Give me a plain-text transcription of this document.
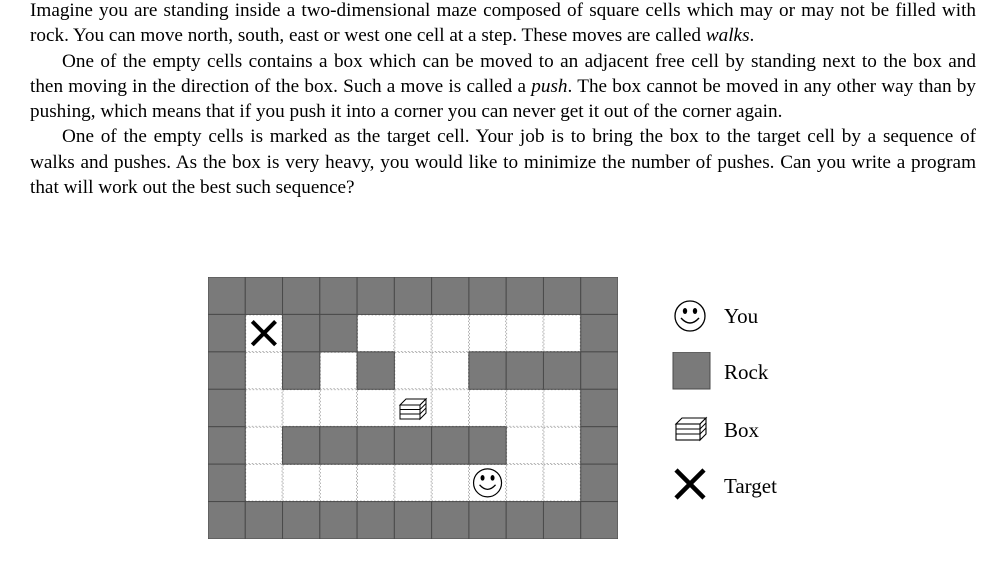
Imagine you are standing inside a two-dimensional maze composed of square cells which may or may not be filled with rock. You can move north, south, east or west one cell at a step. These moves are called walks.

One of the empty cells contains a box which can be moved to an adjacent free cell by standing next to the box and then moving in the direction of the box. Such a move is called a push. The box cannot be moved in any other way than by pushing, which means that if you push it into a corner you can never get it out of the corner again.

One of the empty cells is marked as the target cell. Your job is to bring the box to the target cell by a sequence of walks and pushes. As the box is very heavy, you would like to minimize the number of pushes. Can you write a program that will work out the best such sequence?

You
Rock
Box
Target
